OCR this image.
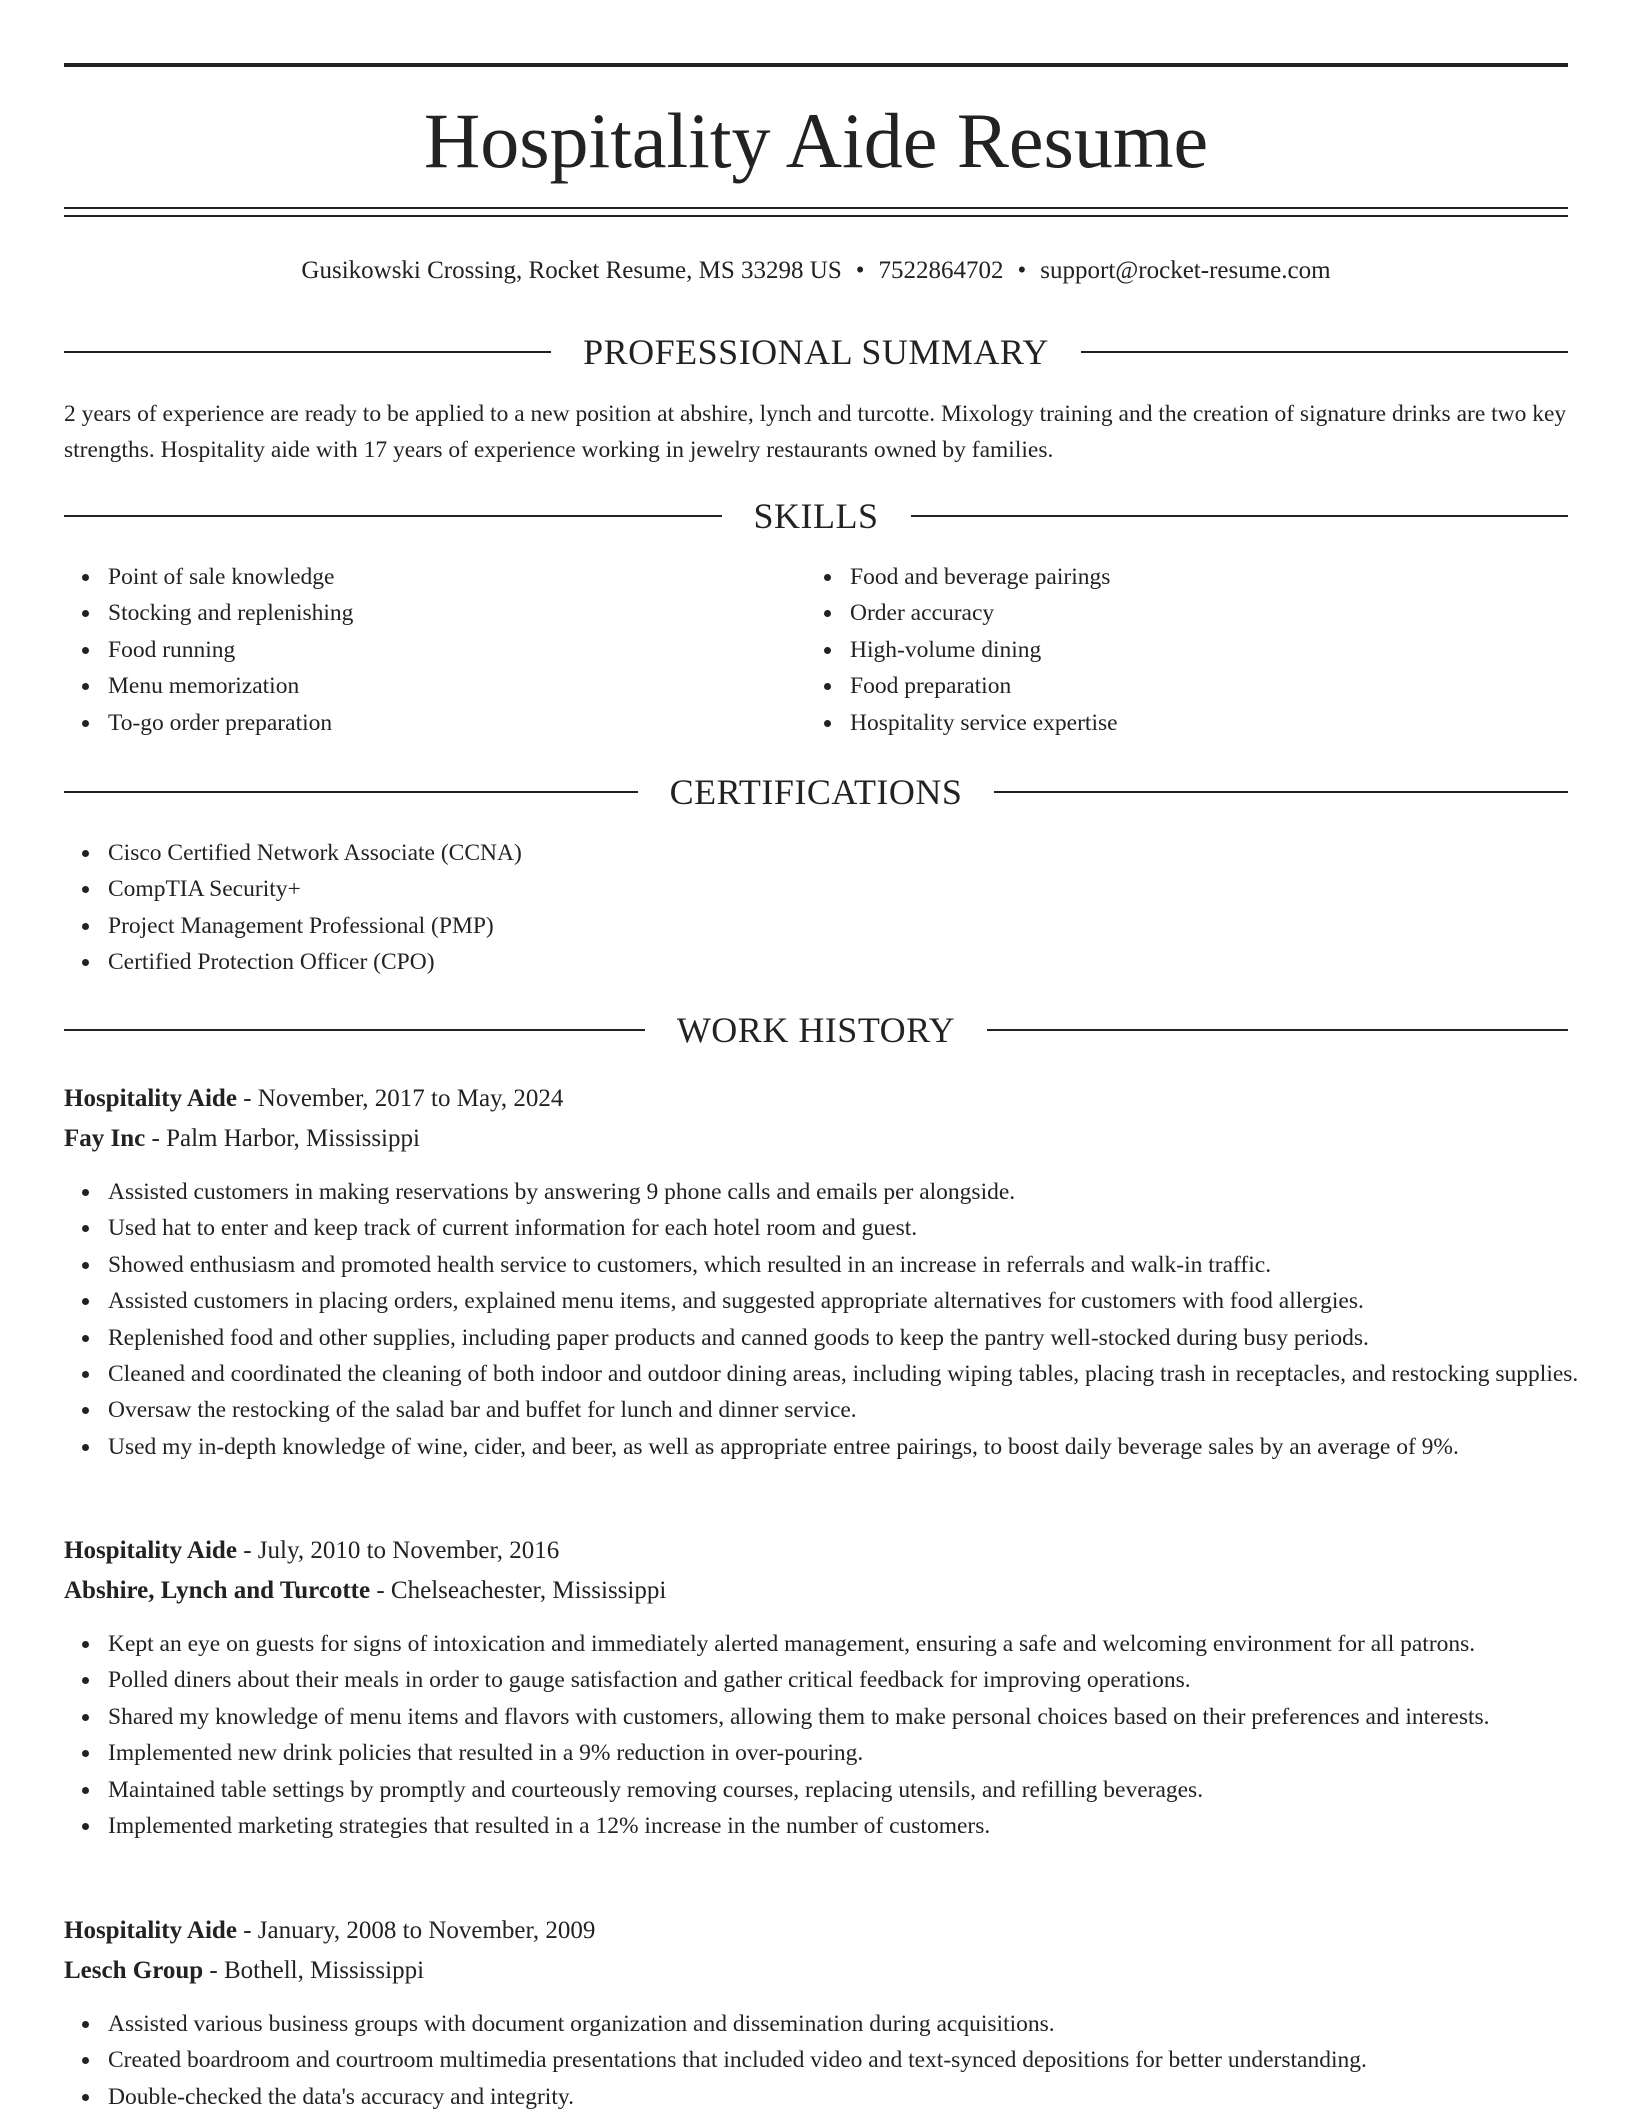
Hospitality Aide Resume
Gusikowski Crossing, Rocket Resume, MS 33298 US • 7522864702 • support@rocket-resume.com
PROFESSIONAL SUMMARY

2 years of experience are ready to be applied to a new position at abshire, lynch and turcotte. Mixology training and the creation of signature drinks are two key strengths. Hospitality aide with 17 years of experience working in jewelry restaurants owned by families.

SKILLS
Point of sale knowledge
Stocking and replenishing
Food running
Menu memorization
To-go order preparation
Food and beverage pairings
Order accuracy
High-volume dining
Food preparation
Hospitality service expertise
CERTIFICATIONS
Cisco Certified Network Associate (CCNA)
CompTIA Security+
Project Management Professional (PMP)
Certified Protection Officer (CPO)
WORK HISTORY
Hospitality Aide - November, 2017 to May, 2024
Fay Inc - Palm Harbor, Mississippi
Assisted customers in making reservations by answering 9 phone calls and emails per alongside.
Used hat to enter and keep track of current information for each hotel room and guest.
Showed enthusiasm and promoted health service to customers, which resulted in an increase in referrals and walk-in traffic.
Assisted customers in placing orders, explained menu items, and suggested appropriate alternatives for customers with food allergies.
Replenished food and other supplies, including paper products and canned goods to keep the pantry well-stocked during busy periods.
Cleaned and coordinated the cleaning of both indoor and outdoor dining areas, including wiping tables, placing trash in receptacles, and restocking supplies.
Oversaw the restocking of the salad bar and buffet for lunch and dinner service.
Used my in-depth knowledge of wine, cider, and beer, as well as appropriate entree pairings, to boost daily beverage sales by an average of 9%.
Hospitality Aide - July, 2010 to November, 2016
Abshire, Lynch and Turcotte - Chelseachester, Mississippi
Kept an eye on guests for signs of intoxication and immediately alerted management, ensuring a safe and welcoming environment for all patrons.
Polled diners about their meals in order to gauge satisfaction and gather critical feedback for improving operations.
Shared my knowledge of menu items and flavors with customers, allowing them to make personal choices based on their preferences and interests.
Implemented new drink policies that resulted in a 9% reduction in over-pouring.
Maintained table settings by promptly and courteously removing courses, replacing utensils, and refilling beverages.
Implemented marketing strategies that resulted in a 12% increase in the number of customers.
Hospitality Aide - January, 2008 to November, 2009
Lesch Group - Bothell, Mississippi
Assisted various business groups with document organization and dissemination during acquisitions.
Created boardroom and courtroom multimedia presentations that included video and text-synced depositions for better understanding.
Double-checked the data's accuracy and integrity.
